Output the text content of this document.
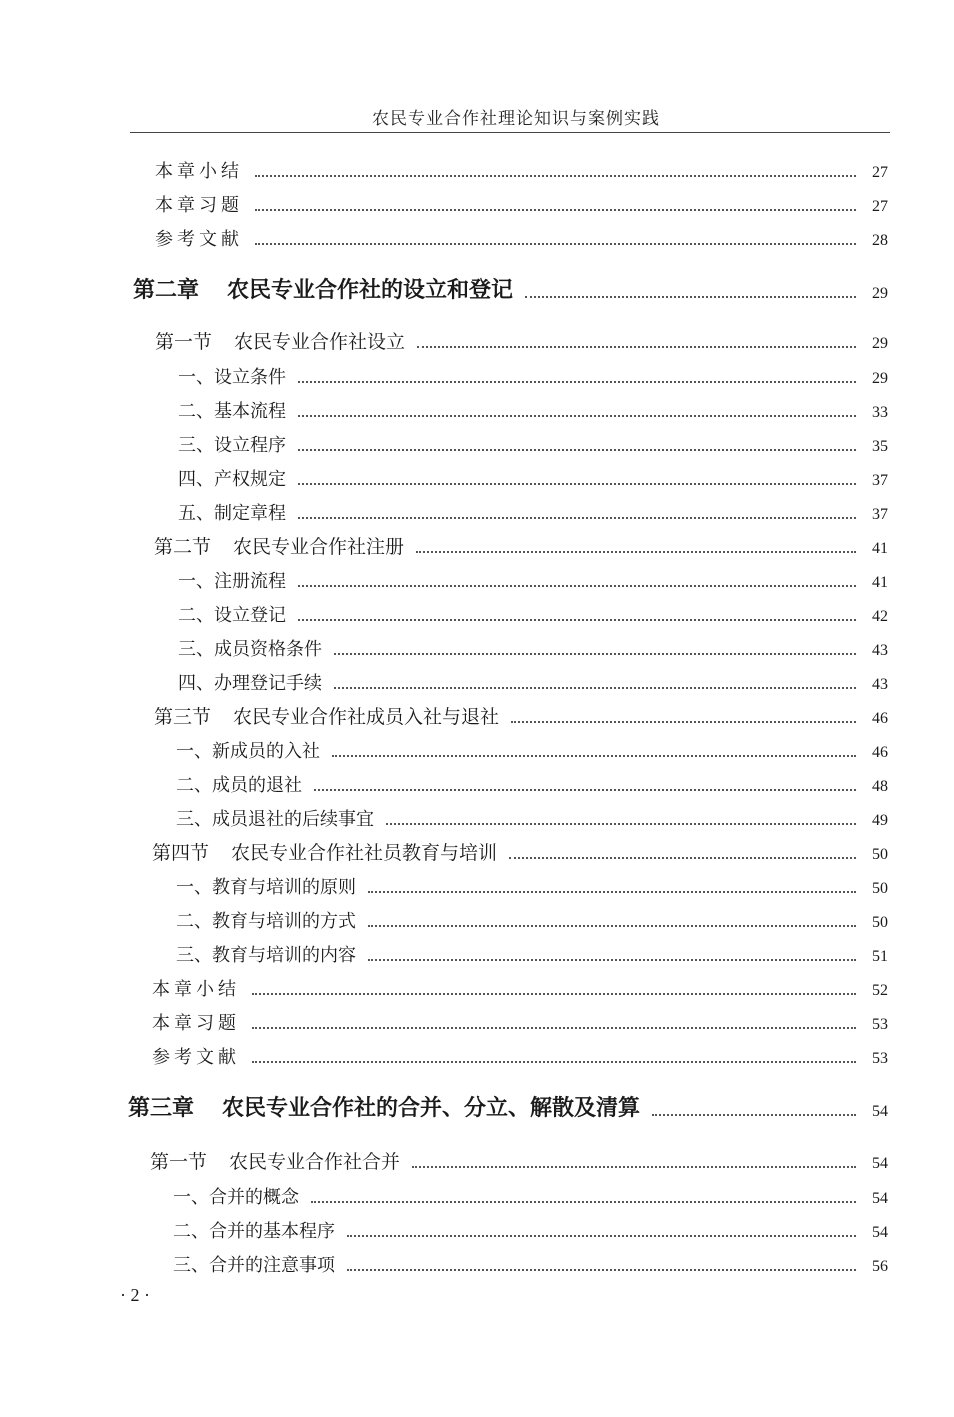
农民专业合作社理论知识与案例实践
本章小结	27
本章习题	27
参考文献	28
第二章 农民专业合作社的设立和登记	29
第一节 农民专业合作社设立	29
一、设立条件	29
二、基本流程	33
三、设立程序	35
四、产权规定	37
五、制定章程	37
第二节 农民专业合作社注册	41
一、注册流程	41
二、设立登记	42
三、成员资格条件	43
四、办理登记手续	43
第三节 农民专业合作社成员入社与退社	46
一、新成员的入社	46
二、成员的退社	48
三、成员退社的后续事宜	49
第四节 农民专业合作社社员教育与培训	50
一、教育与培训的原则	50
二、教育与培训的方式	50
三、教育与培训的内容	51
本章小结	52
本章习题	53
参考文献	53
第三章 农民专业合作社的合并、分立、解散及清算	54
第一节 农民专业合作社合并	54
一、合并的概念	54
二、合并的基本程序	54
三、合并的注意事项	56
· 2 ·
